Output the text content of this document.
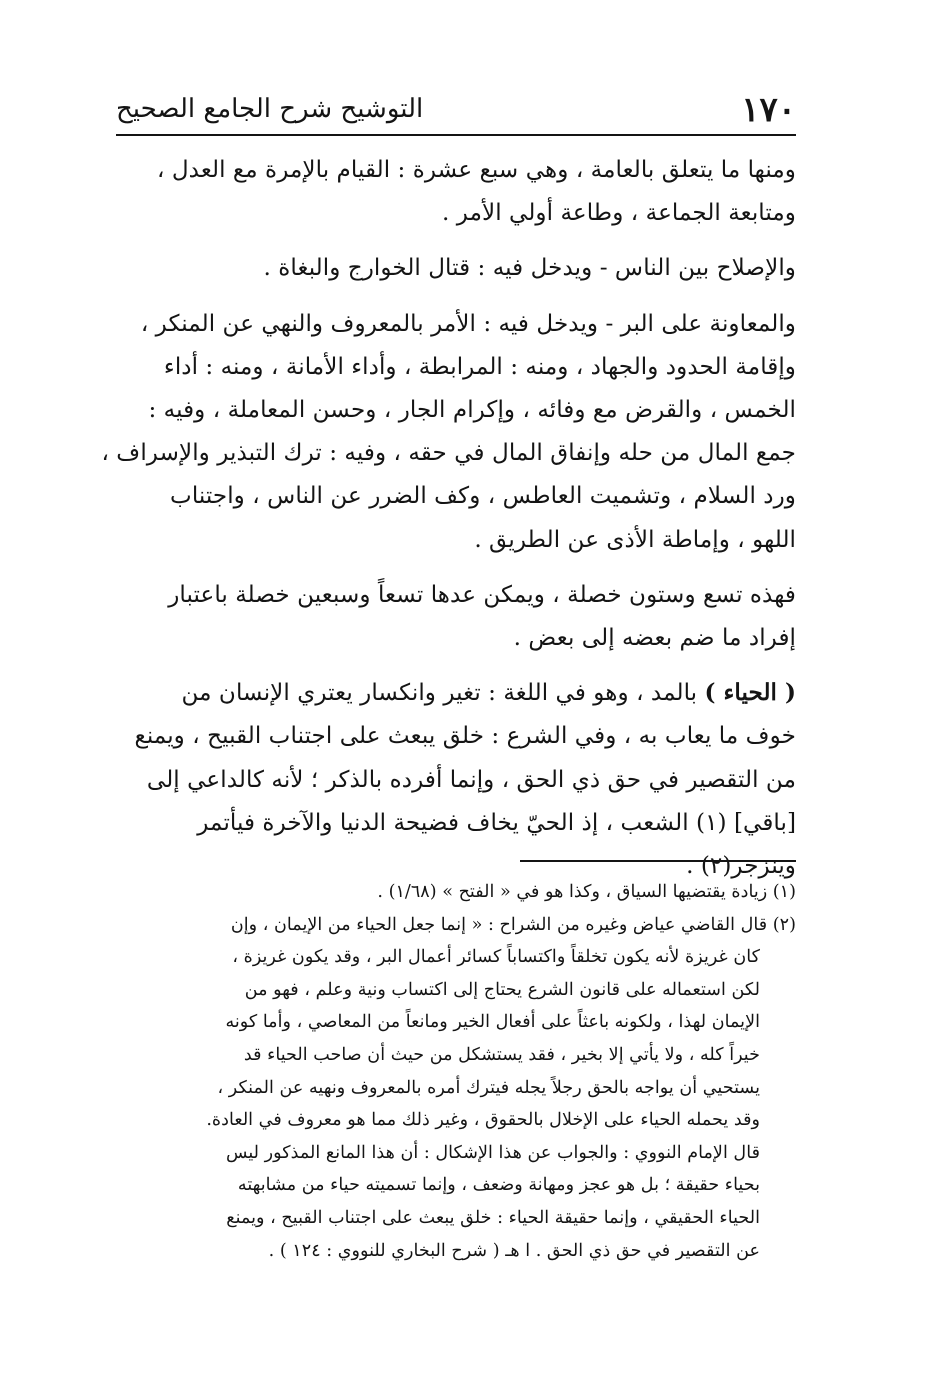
١٧٠
التوشيح شرح الجامع الصحيح
ومنها ما يتعلق بالعامة ، وهي سبع عشرة : القيام بالإمرة مع العدل ،
ومتابعة الجماعة ، وطاعة أولي الأمر .
والإصلاح بين الناس - ويدخل فيه : قتال الخوارج والبغاة .
والمعاونة على البر - ويدخل فيه : الأمر بالمعروف والنهي عن المنكر ،
وإقامة الحدود والجهاد ، ومنه : المرابطة ، وأداء الأمانة ، ومنه : أداء
الخمس ، والقرض مع وفائه ، وإكرام الجار ، وحسن المعاملة ، وفيه :
جمع المال من حله وإنفاق المال في حقه ، وفيه : ترك التبذير والإسراف ،
ورد السلام ، وتشميت العاطس ، وكف الضرر عن الناس ، واجتناب
اللهو ، وإماطة الأذى عن الطريق .
فهذه تسع وستون خصلة ، ويمكن عدها تسعاً وسبعين خصلة باعتبار
إفراد ما ضم بعضه إلى بعض .
( الحياء ) بالمد ، وهو في اللغة : تغير وانكسار يعتري الإنسان من
خوف ما يعاب به ، وفي الشرع : خلق يبعث على اجتناب القبيح ، ويمنع
من التقصير في حق ذي الحق ، وإنما أفرده بالذكر ؛ لأنه كالداعي إلى
[باقي] (١) الشعب ، إذ الحيّ يخاف فضيحة الدنيا والآخرة فيأتمر
وينزجر(٢) .
(١) زيادة يقتضيها السياق ، وكذا هو في « الفتح » (١/٦٨) .
(٢) قال القاضي عياض وغيره من الشراح : « إنما جعل الحياء من الإيمان ، وإن
كان غريزة لأنه يكون تخلقاً واكتساباً كسائر أعمال البر ، وقد يكون غريزة ،
لكن استعماله على قانون الشرع يحتاج إلى اكتساب ونية وعلم ، فهو من
الإيمان لهذا ، ولكونه باعثاً على أفعال الخير ومانعاً من المعاصي ، وأما كونه
خيراً كله ، ولا يأتي إلا بخير ، فقد يستشكل من حيث أن صاحب الحياء قد
يستحيي أن يواجه بالحق رجلاً يجله فيترك أمره بالمعروف ونهيه عن المنكر ،
وقد يحمله الحياء على الإخلال بالحقوق ، وغير ذلك مما هو معروف في العادة.
قال الإمام النووي : والجواب عن هذا الإشكال : أن هذا المانع المذكور ليس
بحياء حقيقة ؛ بل هو عجز ومهانة وضعف ، وإنما تسميته حياء من مشابهته
الحياء الحقيقي ، وإنما حقيقة الحياء : خلق يبعث على اجتناب القبيح ، ويمنع
عن التقصير في حق ذي الحق . ا هـ ( شرح البخاري للنووي : ١٢٤ ) .
